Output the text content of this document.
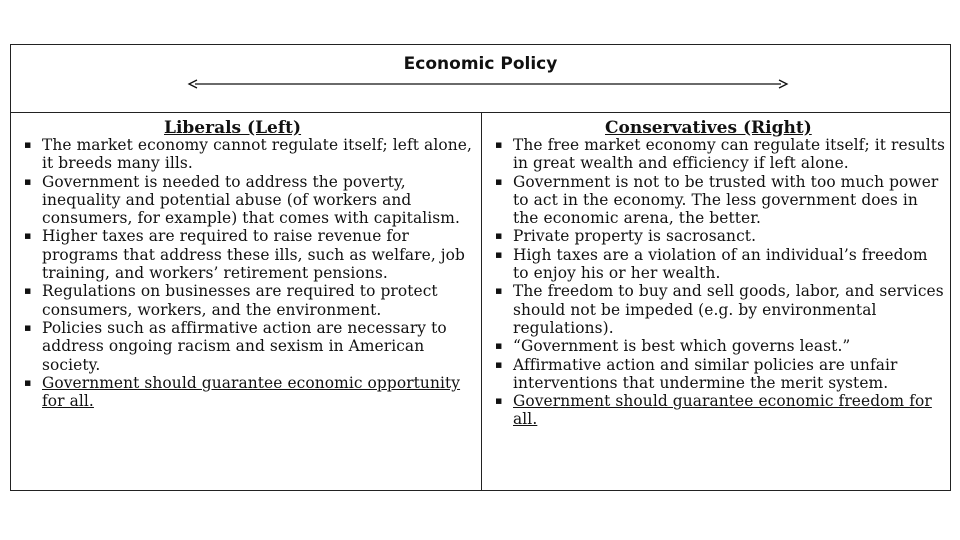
Economic Policy
Liberals (Left)
▪ The market economy cannot regulate itself; left alone, it breeds many ills.
▪ Government is needed to address the poverty, inequality and potential abuse (of workers and consumers, for example) that comes with capitalism.
▪ Higher taxes are required to raise revenue for programs that address these ills, such as welfare, job training, and workers’ retirement pensions.
▪ Regulations on businesses are required to protect consumers, workers, and the environment.
▪ Policies such as affirmative action are necessary to address ongoing racism and sexism in American society.
▪ Government should guarantee economic opportunity for all.
Conservatives (Right)
▪ The free market economy can regulate itself; it results in great wealth and efficiency if left alone.
▪ Government is not to be trusted with too much power to act in the economy. The less government does in the economic arena, the better.
▪ Private property is sacrosanct.
▪ High taxes are a violation of an individual’s freedom to enjoy his or her wealth.
▪ The freedom to buy and sell goods, labor, and services should not be impeded (e.g. by environmental regulations).
▪ “Government is best which governs least.”
▪ Affirmative action and similar policies are unfair interventions that undermine the merit system.
▪ Government should guarantee economic freedom for all.
